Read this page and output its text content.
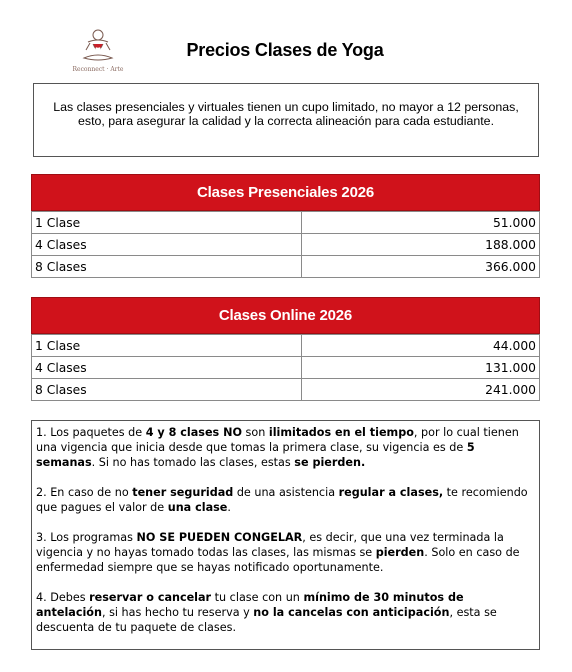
Reconnect · Arte
Precios Clases de Yoga
Las clases presenciales y virtuales tienen un cupo limitado, no mayor a 12 personas, esto, para asegurar la calidad y la correcta alineación para cada estudiante.
Clases Presenciales 2026
1 Clase	51.000
4 Clases	188.000
8 Clases	366.000
Clases Online 2026
1 Clase	44.000
4 Clases	131.000
8 Clases	241.000

1. Los paquetes de 4 y 8 clases NO son ilimitados en el tiempo, por lo cual tienen una vigencia que inicia desde que tomas la primera clase, su vigencia es de 5 semanas. Si no has tomado las clases, estas se pierden.

2. En caso de no tener seguridad de una asistencia regular a clases, te recomiendo que pagues el valor de una clase.

3. Los programas NO SE PUEDEN CONGELAR, es decir, que una vez terminada la vigencia y no hayas tomado todas las clases, las mismas se pierden. Solo en caso de enfermedad siempre que se hayas notificado oportunamente.

4. Debes reservar o cancelar tu clase con un mínimo de 30 minutos de antelación, si has hecho tu reserva y no la cancelas con anticipación, esta se descuenta de tu paquete de clases.
